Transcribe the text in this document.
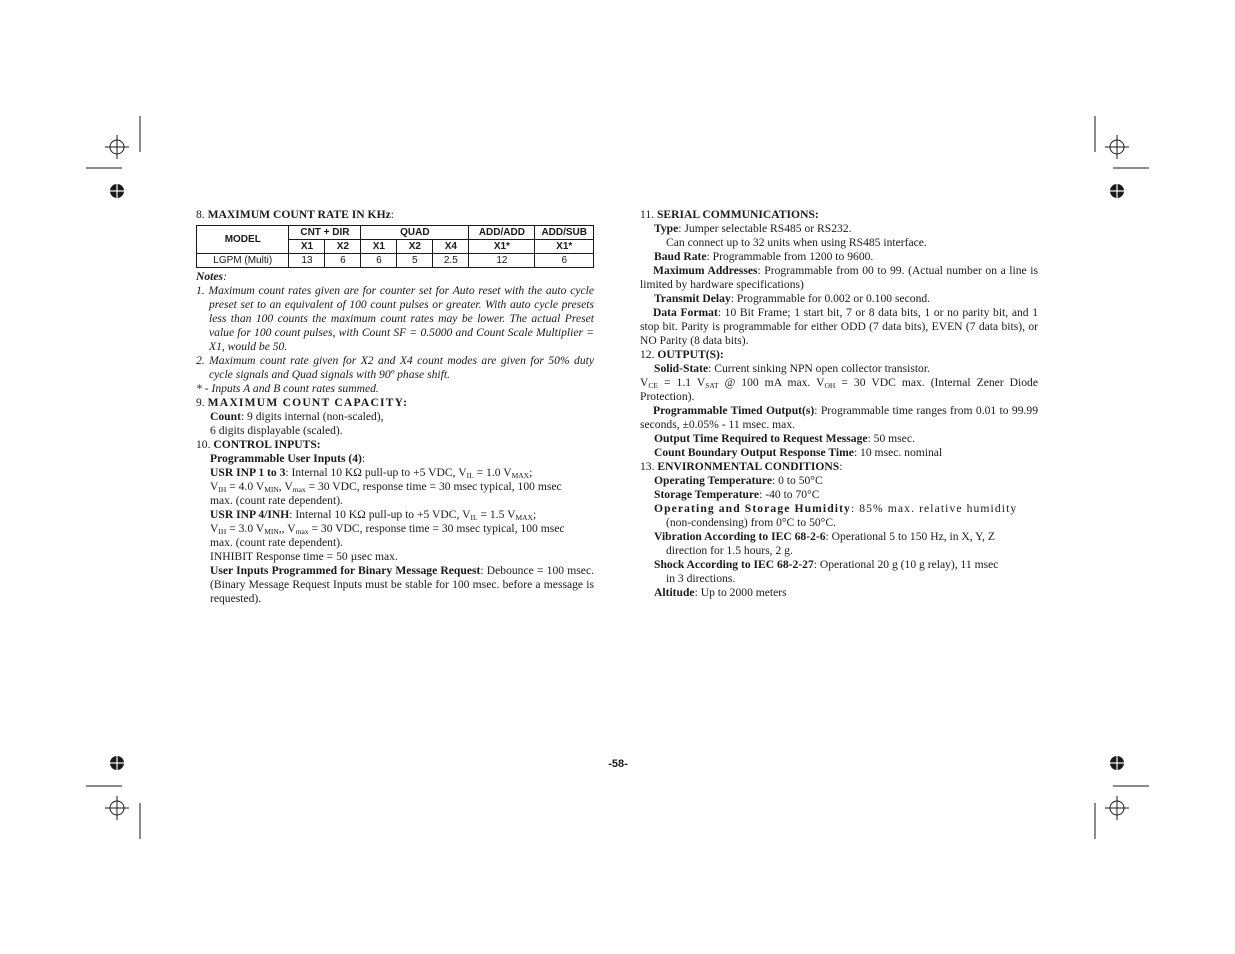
8. MAXIMUM COUNT RATE IN KHz:
MODEL	CNT + DIR		QUAD			ADD/ADD	ADD/SUB
	X1	X2	X1	X2	X4	X1*	X1*
LGPM (Multi)	13	6	6	5	2.5	12	6
Notes:
1. Maximum count rates given are for counter set for Auto reset with the auto cycle preset set to an equivalent of 100 count pulses or greater. With auto cycle presets less than 100 counts the maximum count rates may be lower. The actual Preset value for 100 count pulses, with Count SF = 0.5000 and Count Scale Multiplier = X1, would be 50.
2. Maximum count rate given for X2 and X4 count modes are given for 50% duty cycle signals and Quad signals with 90º phase shift.
* - Inputs A and B count rates summed.
9. MAXIMUM COUNT CAPACITY:
Count: 9 digits internal (non-scaled),
6 digits displayable (scaled).
10. CONTROL INPUTS:
Programmable User Inputs (4):
USR INP 1 to 3: Internal 10 KΩ pull-up to +5 VDC, $V_{IL} = 1.0$ $V_{MAX}$;
$V_{IH} = 4.0$ $V_{MIN}$, $V_{max} = 30$ VDC, response time = 30 msec typical, 100 msec
max. (count rate dependent).
USR INP 4/INH: Internal 10 KΩ pull-up to +5 VDC, $V_{IL} = 1.5$ $V_{MAX}$;
$V_{IH} = 3.0$ $V_{MIN}$,, $V_{max} = 30$ VDC, response time = 30 msec typical, 100 msec
max. (count rate dependent).
INHIBIT Response time = 50 µsec max.
User Inputs Programmed for Binary Message Request: Debounce = 100 msec. (Binary Message Request Inputs must be stable for 100 msec. before a message is requested).
11. SERIAL COMMUNICATIONS:
Type: Jumper selectable RS485 or RS232.
Can connect up to 32 units when using RS485 interface.
Baud Rate: Programmable from 1200 to 9600.
Maximum Addresses: Programmable from 00 to 99. (Actual number on a line is limited by hardware specifications)
Transmit Delay: Programmable for 0.002 or 0.100 second.
Data Format: 10 Bit Frame; 1 start bit, 7 or 8 data bits, 1 or no parity bit, and 1 stop bit. Parity is programmable for either ODD (7 data bits), EVEN (7 data bits), or NO Parity (8 data bits).
12. OUTPUT(S):
Solid-State: Current sinking NPN open collector transistor.
$V_{CE} = 1.1$ $V_{SAT}$ @ 100 mA max. $V_{OH} = 30$ VDC max. (Internal Zener Diode Protection).
Programmable Timed Output(s): Programmable time ranges from 0.01 to 99.99 seconds, ±0.05% - 11 msec. max.
Output Time Required to Request Message: 50 msec.
Count Boundary Output Response Time: 10 msec. nominal
13. ENVIRONMENTAL CONDITIONS:
Operating Temperature: 0 to 50°C
Storage Temperature: -40 to 70°C
Operating and Storage Humidity: 85% max. relative humidity
(non-condensing) from 0°C to 50°C.
Vibration According to IEC 68-2-6: Operational 5 to 150 Hz, in X, Y, Z
direction for 1.5 hours, 2 g.
Shock According to IEC 68-2-27: Operational 20 g (10 g relay), 11 msec
in 3 directions.
Altitude: Up to 2000 meters
-58-
